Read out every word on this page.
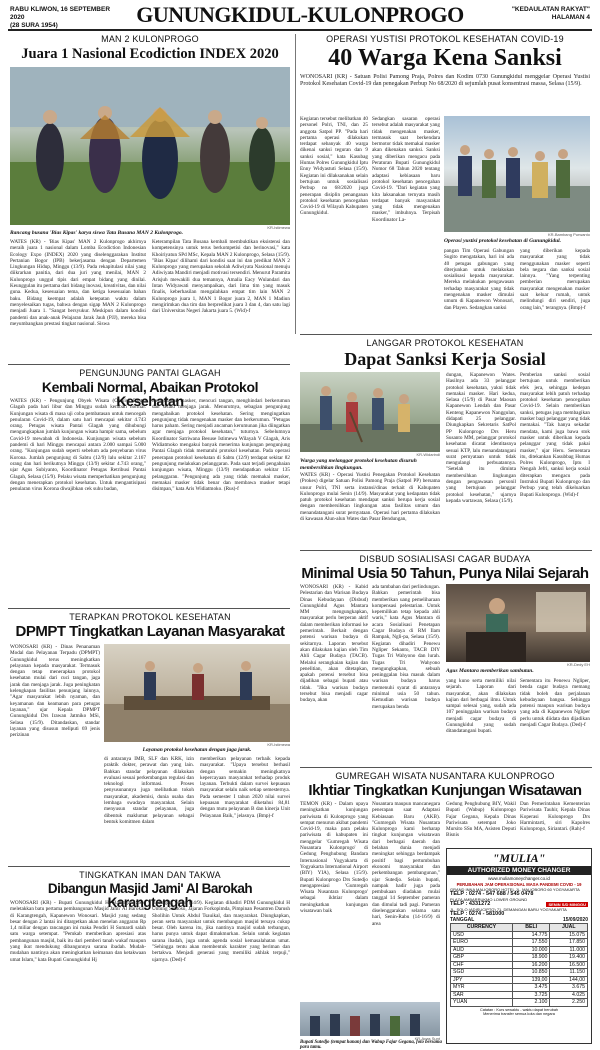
RABU KLIWON, 16 SEPTEMBER 2020
(28 SURA 1954)	GUNUNGKIDUL-KULONPROGO	"KEDAULATAN RAKYAT"
HALAMAN 4
MAN 2 KULONPROGO
Juara 1 Nasional Ecodiction INDEX 2020
KR-Istimewa
Rancang busana 'Bias Kipas' karya siswa Tata Busana MAN 2 Kulonprogo.
WATES (KR) - 'Bias Kipas' MAN 2 Kulonprogo akhirnya meraih juara 1 nasional dalam Lomba Ecodiction Indonesian Ecology Expo (INDEX) 2020 yang diselenggarakan Institut Pertanian Bogor (IPB) bekerjasama dengan Departemen Lingkungan Hidup, Minggu (13/9). Pada rekapitulasi nilai yang diikrarkan panitia, dari dua juri yang menilai, MAN 2 Kulonprogo unggul tipis dari empat bidang yang dinilai. Keunggulan itu pertama dari bidang inovasi, kreativitas, dan nilai guna. Kedua, kesesuaian tema, dan ketiga kesesuaian bahan baku. Bidang keempat adalah ketepatan waktu dalam menyelesaikan tugas, bahwa dengan sigap MAN 2 Kulonprogo menjadi Juara 1. "Sangat bersyukur. Meskipun dalam kondisi pandemi dan anak-anak Pelajaran Jarak Jauh (PJJ), mereka bisa meyumbangkan prestasi tingkat nasional. Siswa
Keterampilan Tata Busana kembali membuktikan eksistensi dan kompetensinya untuk terus berkompetisi dan berinovasi," kata Khoiriyatun SPd MSc, Kepala MAN 2 Kulonprogo, Selasa (15/9). "Bias Kipas' dilihami dari kondisi saat ini dan predikat MAN 2 Kulonprogo yang merupakan sekolah Adiwiyata Nasional menuju Adiwiyata Mandiri menjadi motivasi tersendiri. Menurut Paramita Arisjuh mewakili dua temannya, Amalia Eacy Wulandari dan Intan Widyawati menyampaikan, dari lima tim yang masuk finalis, keberhasilan mengalahkan empat tim lain MAN 2 Kulonprogo juara 1, MAN 1 Bogor juara 2, MAN 1 Madiun mengirimkan dua tim dan berpredikat juara 3 dan 4, dan satu lagi dari Universitas Negeri Jakarta juara 5. (Wid)-f
OPERASI YUSTISI PROTOKOL KESEHATAN COVID-19
40 Warga Kena Sanksi
WONOSARI (KR) - Satuan Polisi Pamong Praja, Polres dan Kodim 0730 Gunungkidul menggelar Operasi Yustisi Protokol Kesehatan Covid-19 dan penegakan Perbup No 68/2020 di sejumlah pusat konsentrasi massa, Selasa (15/9).
Kegiatan tersebut melibatkan 40 personel Polri, TNI, dan 25 anggota Satpol PP. "Pada hari pertama operasi dilakukan terdapat sebanyak 40 warga dikenai sanksi teguran dan 9 sanksi sosial," kata Kasubag Humas Polres Gunungkidul Iptu Enny Widyastuti Selasa (15/9). Kegiatan ini dilaksanakan selain bertujuan untuk sosialisasi Perbup no 68/2020 juga penerapan disiplin penanganan protokol kesehatan pencegahan Covid-19 di Wilayah Kabupaten Gunungkidul.
Sedangkan sasaran operasi tersebut adalah masyarakat yang tidak mengenakan masker, termasuk saat berkendara bermotor tidak memakai masker akan dikenakan sanksi. Sanksi yang diberikan mengacu pada Peraturan Bupati Gunungkidul Nomor 68 Tahun 2020 tentang adaptasi kebiasaan baru protokol kesehatan pencegahan Covid-19. "Dari kegiatan yang kita laksanakan ternyata masih terdapat banyak masyarakat yang tidak mengenakan masker," imbuhnya. Terpisah Koordinator La-
KR-Bambang Purwanto
Operasi yustisi protokol kesehatan di Gunungkidul.
pangan Tim Operasi Gabungan Sugito mengatakan, hari ini ada 40 petugas gabungan yang diterjunkan untuk melakukan sosialisasi kepada masyarakat. Mereka melakukan pengawasan terhadap masyarakat yang tidak mengenakan masker dimulai umum di Kapanewon Wonosari, dan Playen. Sedangkan sanksi
yang diberikan kepada masyarakat yang tidak menggunakan masker seperti bela negara dan sanksi sosial lainnya. "Yang terpenting pemberian merupakan masyarakat mengenakan masker saat keluar rumah, untuk melindungi diri sendiri, juga orang lain," terangnya. (Bmp)-f
PENGUNJUNG PANTAI GLAGAH
Kembali Normal, Abaikan Protokol Kesehatan
WATES (KR) - Pengunjung Obyek Wisata (Obwis) Pantai Glagah pada hari libur dan Minggu sudah kembali normal. Kunjungan wisata di masa uji coba pembatasan untuk mencegah penularan Covid-19, dalam satu hari mencapai sekitar 4.743 orang. Petugas wisata Pantai Glagah yang dihubungi mengungkapkan jumlah kunjungan wisata hampir sama, sebelum Covid-19 mewabah di Indonesia. Kunjungan wisata sebelum pandemi di hari Minggu mencapai antara 2.000 sampai 5.000 orang. "Kunjungan sudah seperti sebelum ada penyebaran virus Korona. Jumlah pengunjung di Sabtu (12/9) lalu sekitar 2.167 orang dan hari berikutnya Minggu (13/9) sekitar 4.743 orang," ujar Agus Subiyanto, Koordinator Petugas Retribusi Pantai Glagah, Selasa (15/9). Pelaku wisata memperhatikan pengunjung dengan menerapkan protokol kesehatan. Untuk mengantisipasi penularan virus Korona diwajibkan cek suhu badan,
mengenakan masker, mencuci tangan, menghindari berkerumun dan selalu menjaga jarak. Menurutnya, sebagian pengunjung mengabaikan protokol kesehatan. Sering mengingatkan pengunjung tidak mengenakan masker dan berkerumun. "Petugas harus paham. Sering menjadi ancaman kerumunan jika diingatkan agar menjaga protokol kesehatan," tuturnya. Sebelumnya Koordinator Satriwana Besuse Istimewa Wilayah V Glagah, Aris Widiatmoko mengakui banyak menerima kunjungan pengunjung Pantai Glagah tidak mematuhi protokol kesehatan. Pada operasi penerapan protokol kesehatan di Sabtu (12/9) terdapat sekitar 82 pengunjung melakukan pelanggaran. Pada saat terjadi pengabaian kunjungan wisata, Minggu (13/9) mendapatkan sekitar 135 pelanggaran. "Pengunjung ada yang tidak memakai masker, memakai masker tidak benar dan membawa masker tetapi disimpan," kata Aris Widiatmoko. (Rus)-f
LANGGAR PROTOKOL KESEHATAN
Dapat Sanksi Kerja Sosial
KR-Widarindi
Warga yang melanggar protokol kesehatan disuruh membersihkan lingkungan.
WATES (KR) - Operasi Yustisi Penegakan Protokol Kesehatan (Prokes) digelar Satuan Polisi Pamong Praja (Satpol PP) bersama unsur Polri, TNI serta instansi/dinas terkait di Kabupaten Kulonprogo mulai Senin (14/9). Masyarakat yang kedapatan tidak patuh protokol kesehatan mendapat sanksi berupa kerja sosial dengan membersihkan lingkungan atau fasilitas umum dan menandatangani surat pernyataan. Operasi hari pertama dilakukan di kawasan Alun-alun Wates dan Pasar Bendungan,
dungan, Kapanewon Wates. Hasilnya ada 33 pelanggar protokol kesehatan, yakni tidak memakai masker. Hari kedua, Selasa (15/9) di Pasar Maosan Kapanewon Lendah dan Pasar Kenteng Kapanewon Nanggulan, didapati 25 pelanggar. Diungkapkan Sekretaris SatPol PP Kulonprogo Drs Heru Susanto MM, pelanggar protokol kesehatan dicatat identitasnya sesuai KTP, lalu menandatangani surat pernyataan untuk tidak mengulangi perbuatannya. "Setelah itu diminta membersihkan lingkungan dengan pengawasan personil yang bertujuan pelanggar protokol kesehatan," ujarnya kepada wartawan, Selasa (15/9).
Pemberian sanksi sosial bertujuan untuk memberikan efek jera, sehingga kedepan masyarakat lebih patuh terhadap protokol kesehatan pencegahan Covid-19. Selain memberikan sanksi, petugas juga membagikan masker bagi pelanggar yang tidak memakai. "Tak hanya sekadar mendata, kami juga bawa stok masker untuk diberikan kepada pelanggar yang tidak pakai masker," ujar Heru. Sementara itu, ditekankan Kasubbag Humas Polres Kulonprogo, Iptu I Nengah Jefri, sanksi kerja sosial diterapkan mengacu pada Instruksi Bupati Kulonprogo dan Perbup yang telah dikeluarkan Bupati Kulonprogo. (Wid)-f
TERAPKAN PROTOKOL KESEHATAN
DPMPT Tingkatkan Layanan Masyarakat
WONOSARI (KR) - Dinas Penanaman Modal dan Pelayanan Terpadu (DPMPT) Gunungkidul terus meningkatkan pelayanan kepada masyarakat. Termasuk dengan tetap menerapkan protokol kesehatan mulai dari cuci tangan, jaga jarak dan menjaga jarak. Juga peningkatan kelengkapan fasilitas penunjang lainnya, "Agar masyarakat lebih nyaman, dan keyamanan dan keamanan para petugas layanan," ujar Kepala DPMPT Gunungkidul Drs Irawan Jatmiko MSi, Selasa (15/9). Ditandaskan, standar layanan yang disusun meliputi 69 jenis perizinan
KR-Istimewa
Layanan protokol kesehatan dengan jaga jarak.
di antaranya IMB, SLF dan KRK, izin praktik dokter, perawat dan yang lain. Bahkan standar pelayanan dilakukan evaluasi sesuai perkembangan regulasi dan teknologi informasi. Proses penyusunannya juga melibatkan tokoh masyarakat, akademisi, dunia usaha dan lembaga swadaya masyarakat. Selain menyusun standar pelayanan, juga dibentuk maklumat pelayanan sebagai bentuk komitmen dalam
memberikan pelayanan terbaik kepada masyarakat. "Upaya tersebut berhasil dengan semakin meningkatnya kepercayaan masyarakat terhadap produk layanan. Terbukti dalam survei kepuasan masyarakat selalu naik setiap semesternya. Pada semester I tahun 2020 nilai survei kepuasan masyarakat diketahui 84,81 dengan mutu pelayanan B dan kinerja Unit Pelayanan Baik," jelasnya. (Bmp)-f
DISBUD SOSIALISASI CAGAR BUDAYA
Minimal Usia 50 Tahun, Punya Nilai Sejarah
WONOSARI (KR) - Kabid Pelestarian dan Warisan Budaya Dinas Kebudayaan (Disbud) Gunungkidul Agus Mantara MM mengungkapkan, masyarakat perlu berperan aktif dalam memberikan informasi ke pemerintah. Berkait dengan potensi warisan budaya di sekitarnya. Laporan tersebut akan dilakukan kajian oleh Tim Ahli Cagar Budaya (TACB). Melalui serangkaian kajian dan penelitian, akan ditetapkan, apakah potensi tersebut bisa dijadikan sebagai bupati atau tidak. "Jika warisan budaya tersebut bisa menjadi cagar budaya, akan
ada tambahan dari perlindungan. Bahkan pemerintah bisa memberikan uang pemeliharaan kompensasi pelestarian. Untuk kepemilikan tetap kepada ahli waris," kata Agus Mantara di acara Sosialisasi Penetapan Cagar Budaya di RM Ilam Rampak, Ngli-pa, Selasa (15/9). Kegiatan dihadiri Penewu Ngliper Sekanto, TACB DIY Tugas Tri Wahyono dan lurah. Tugas Tri Wahyono mengungkapkan, sebuah peninggalan bisa masuk dalam warisan budaya harus memenuhi syarat di antaranya minimal usia 50 tahun. Kemudian warisan budaya merupakan benda
KR-Dedy EH
Agus Mantara memberikan sambutan.
yang kuno serta memiliki nilai sejarah. Laporan dari masyarakat, akan dilakukan kajian dari berbagai ilmu. Untuk sampai selesai yang, sudah ada 107 peninggalan warisan budaya menjadi cagar budaya di Gunungkidul yang sudah ditandatangani bupati.
Sementara itu Penewu Ngliper, benda cagar budaya memang tidak boleh dan perjalanan kebudayaan bangsa. Sehingga potensi maupun warisan budaya yang ada di Kapanewon Ngliper perlu untuk diidata dan dijadikan menjadi Cagar Budaya. (Ded)-f
GUMREGAH WISATA NUSANTARA KULONPROGO
Ikhtiar Tingkatkan Kunjungan Wisatawan
TEMON (KR) - Dalam upaya meningkatkan kunjungan pariwisata di Kulonprogo yang sempat menurun akibat pandemi Covid-19, maka para pelaku pariwisata di kabupaten ini menggelar 'Gumregah Wisata Nusantara Kulonprogo' di Gedung Penghubung Bandara Internasional Yogyakarta di Yogyakarta International Airport (BIY) YIA), Selasa (15/9). Bupati Kulonprogo Drs Sutedjo mengapresiasi 'Gumregah Wisata Nusantara Kulonprogo' sebagai ikhtiar dalam meningkatkan kunjungan wisatawan baik
Nusantara maupun mancanegara penerapan saat Adaptasi Kebiasaan Baru (AKB). "Gumregah Wisata Nusantara Kulonprogo kami berharap tingkat kunjungan wisatawan dari berbagai daerah dan belahan dunia menjadi meningkat sehingga berdampak positif bagi pertumbuhan ekonomi masyarakat dan perkembangan pembangunan," ujar Sutedjo. Selain bupati, nampak hadir juga pada pembukaan diadakan mulai tanggal 14 September pameran dan dimulai tadi pagi. Pameran diselenggarakan selama satu hari, Senin-Rabu (14-16/9) di area
Gedung Penghubung BIY, Wakil Bupati (Wabup) Kulonprogo Fajar Gegana, Kepala Dinas Pariwisata setempat Joko Mursito SSn MA, Asisten Deputi Bisnis
Dan Pemerintahan Kementerian Pariwisata Tauhir, Kepala Dinas Koperasi Kulonprogo Drs Harmintarti, siri Kapolres Kulonprogo, Siriantari. (Rah)-f
KR-Anas Sunt
Bupati Sutedjo (tempat hanan) dan Wabup Fajar Gegana, foto bersama para tamu.
TINGKATKAN IMAN DAN TAKWA
Dibangun Masjid Jami' Al Barokah Karangtengah
WONOSARI (KR) - Bupati Gunungkidul Hj Badingah SSos meletakkan batu pertama pembangunan Masjid Jami' Al Barokah di Karangtengah, Kapanewon Wonosari. Masjid yang sedang besar dengan 2 lantai ini ditargetkan akan menelan anggaran Rp 1,4 miliar dengan rancangan ini maka Pendiri H Sumardi salah satu warga setempat. "Pemkab memberikan apresiasi atas pembangunan masjid, baik itu dari pemberi tanah wakaf maupun yang ikut mendukung dibangunnya sarana ibadah. Mudah-mudahan nantinya akan meningkatkan keimanan dan ketakwaan umat Islam," kata Bupati Gunungkidul Hj
Badingah, Senin (14/9). Kegiatan dihadiri PDM Gunungkidul H Untung Santoso, Jajaran Forkopimda, Pimpinan Pesantren Darush Sholihin Untuk Abdul Tsauikal, dan masyarakat. Diungkapkan, peran serta masyarakat untuk membangun masjid tersaya cukup besar. Oleh karena itu, jika nantinya masjid sudah terbangun, harus punya untuk dapat dimakmurkan. Selain untuk kegiatan sarana ibadah, juga untuk agenda sosial kemasalahatan umat. "Sehingga tentu akan membentuk karakter yang beriman dan bertakwa. Menjadi generasi yang memiliki akhlak terpuji," ujarnya. (Ded)-f
"MULIA"
AUTHORIZED MONEY CHANGER
www.muliamoneychanger.co.id
PERUBAHAN JAM OPERASIONAL MASA PANDEMI COVID - 19
GRAND INNA MALIOBORO HOTEL JL. MALIOBORO 60 YOGYAKARTA
TELP : 0274 - 547 688 / 545 0478
PLAZA AMBARRUKMO LOWER GROUND
TELP : 4331272	SENIN S/D MINGGU
JL. SOLO (ADISUCIPTO) 71, DEMANGAN BARU YOGYAKARTA
TELP : 0274 - 581000
TANGGAL	15/09/2020
CURRENCY	BELI	JUAL
USD	14.775	15.075
EURO	17.550	17.850
AUD	10.000	11.000
GBP	18.900	19.400
CHF	16.200	16.500
SGD	10.850	11.150
JPY	139,00	144,00
MYR	3.475	3.675
SAR	3.725	4.025
YUAN	2.100	2.250
Catatan : Kurs sewaktu - waktu dapat berubah
Menerima transfer semua kota dan negara
